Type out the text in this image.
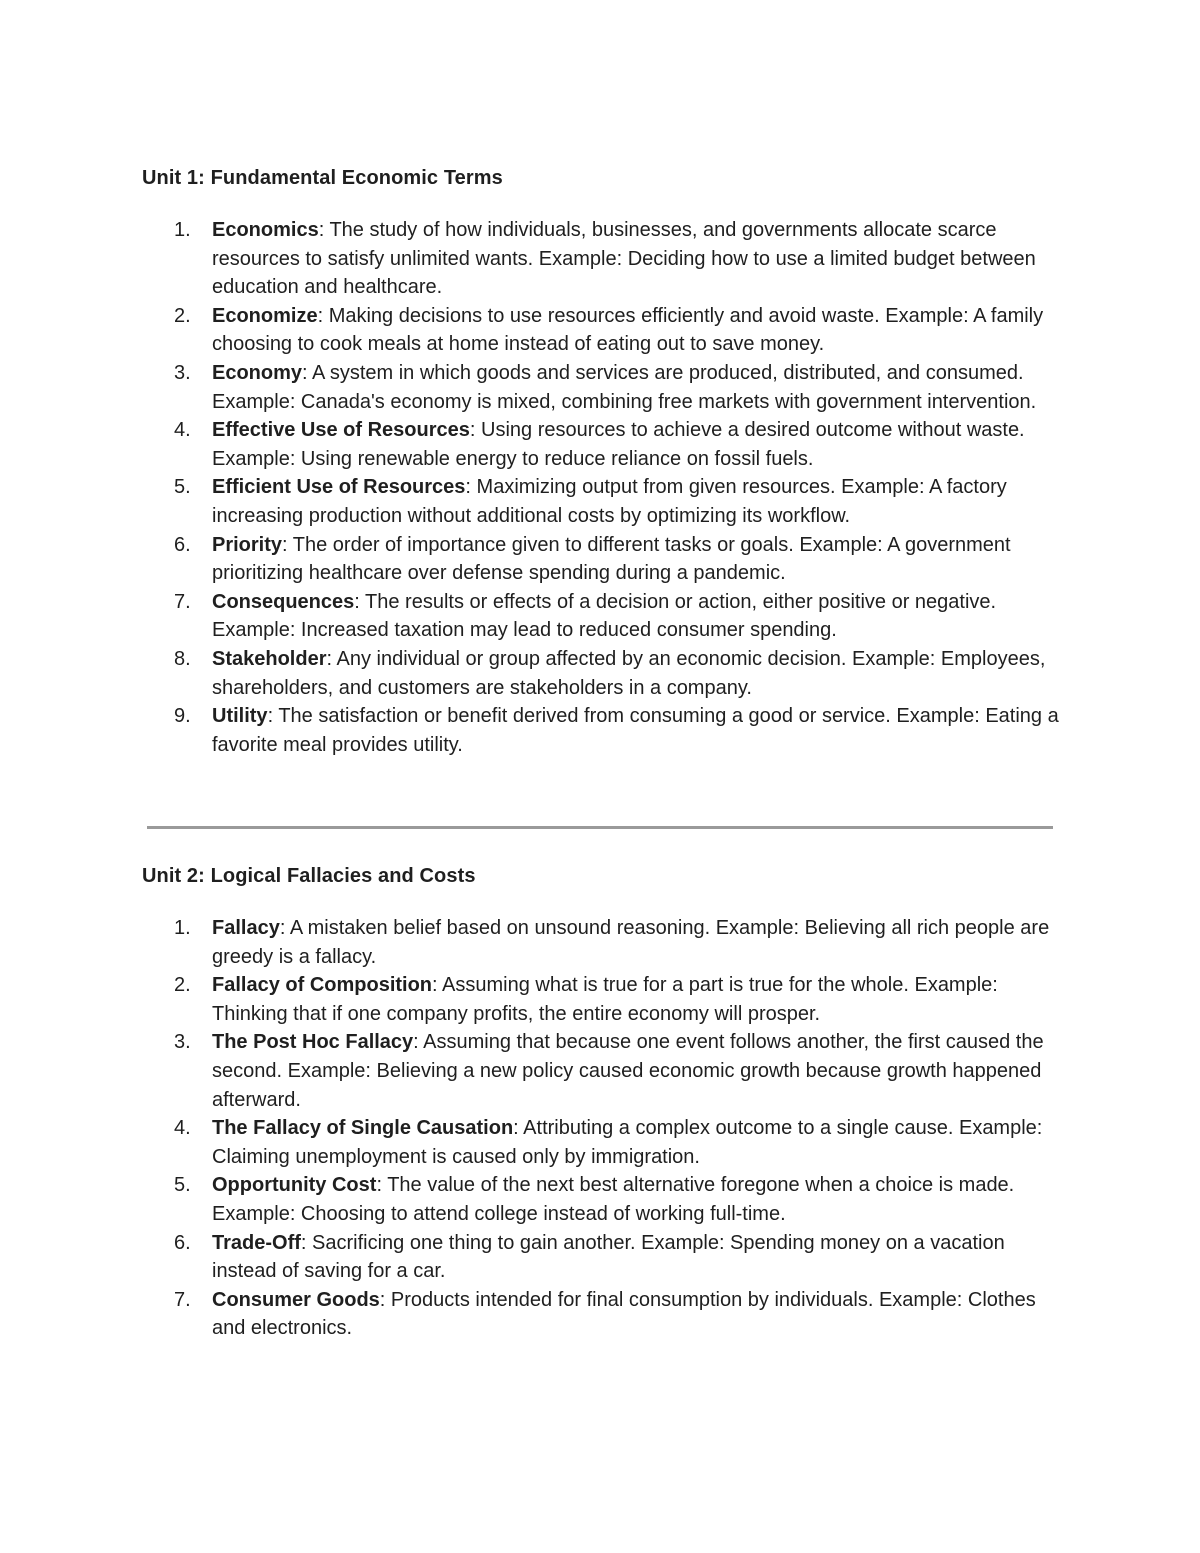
Unit 1: Fundamental Economic Terms
1. Economics: The study of how individuals, businesses, and governments allocate scarce resources to satisfy unlimited wants. Example: Deciding how to use a limited budget between education and healthcare.
2. Economize: Making decisions to use resources efficiently and avoid waste. Example: A family choosing to cook meals at home instead of eating out to save money.
3. Economy: A system in which goods and services are produced, distributed, and consumed. Example: Canada's economy is mixed, combining free markets with government intervention.
4. Effective Use of Resources: Using resources to achieve a desired outcome without waste. Example: Using renewable energy to reduce reliance on fossil fuels.
5. Efficient Use of Resources: Maximizing output from given resources. Example: A factory increasing production without additional costs by optimizing its workflow.
6. Priority: The order of importance given to different tasks or goals. Example: A government prioritizing healthcare over defense spending during a pandemic.
7. Consequences: The results or effects of a decision or action, either positive or negative. Example: Increased taxation may lead to reduced consumer spending.
8. Stakeholder: Any individual or group affected by an economic decision. Example: Employees, shareholders, and customers are stakeholders in a company.
9. Utility: The satisfaction or benefit derived from consuming a good or service. Example: Eating a favorite meal provides utility.
Unit 2: Logical Fallacies and Costs
1. Fallacy: A mistaken belief based on unsound reasoning. Example: Believing all rich people are greedy is a fallacy.
2. Fallacy of Composition: Assuming what is true for a part is true for the whole. Example: Thinking that if one company profits, the entire economy will prosper.
3. The Post Hoc Fallacy: Assuming that because one event follows another, the first caused the second. Example: Believing a new policy caused economic growth because growth happened afterward.
4. The Fallacy of Single Causation: Attributing a complex outcome to a single cause. Example: Claiming unemployment is caused only by immigration.
5. Opportunity Cost: The value of the next best alternative foregone when a choice is made. Example: Choosing to attend college instead of working full-time.
6. Trade-Off: Sacrificing one thing to gain another. Example: Spending money on a vacation instead of saving for a car.
7. Consumer Goods: Products intended for final consumption by individuals. Example: Clothes and electronics.
